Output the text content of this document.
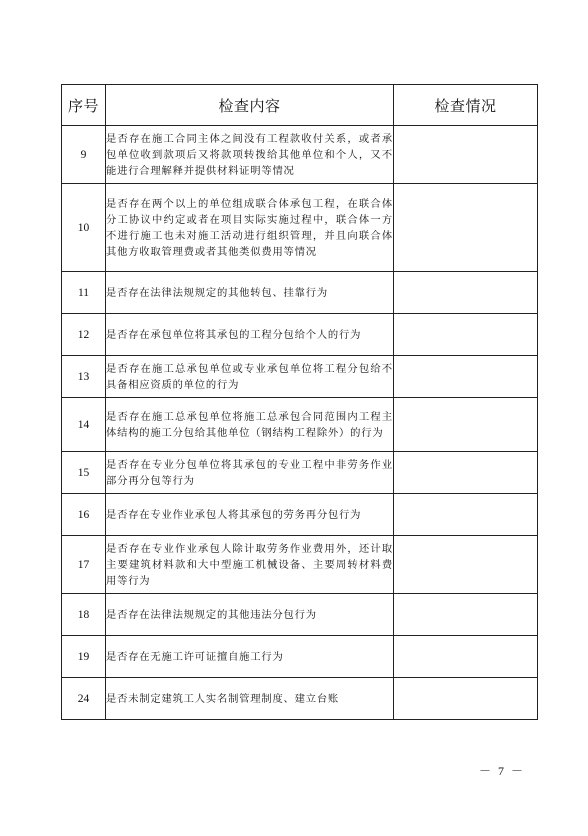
序号	检查内容	检查情况
9	是否存在施工合同主体之间没有工程款收付关系，或者承包单位收到款项后又将款项转拨给其他单位和个人，又不能进行合理解释并提供材料证明等情况	
10	是否存在两个以上的单位组成联合体承包工程，在联合体分工协议中约定或者在项目实际实施过程中，联合体一方不进行施工也未对施工活动进行组织管理，并且向联合体其他方收取管理费或者其他类似费用等情况	
11	是否存在法律法规规定的其他转包、挂靠行为	
12	是否存在承包单位将其承包的工程分包给个人的行为	
13	是否存在施工总承包单位或专业承包单位将工程分包给不具备相应资质的单位的行为	
14	是否存在施工总承包单位将施工总承包合同范围内工程主体结构的施工分包给其他单位（钢结构工程除外）的行为	
15	是否存在专业分包单位将其承包的专业工程中非劳务作业部分再分包等行为	
16	是否存在专业作业承包人将其承包的劳务再分包行为	
17	是否存在专业作业承包人除计取劳务作业费用外，还计取主要建筑材料款和大中型施工机械设备、主要周转材料费用等行为	
18	是否存在法律法规规定的其他违法分包行为	
19	是否存在无施工许可证擅自施工行为	
24	是否未制定建筑工人实名制管理制度、建立台账	
－ 7 －
